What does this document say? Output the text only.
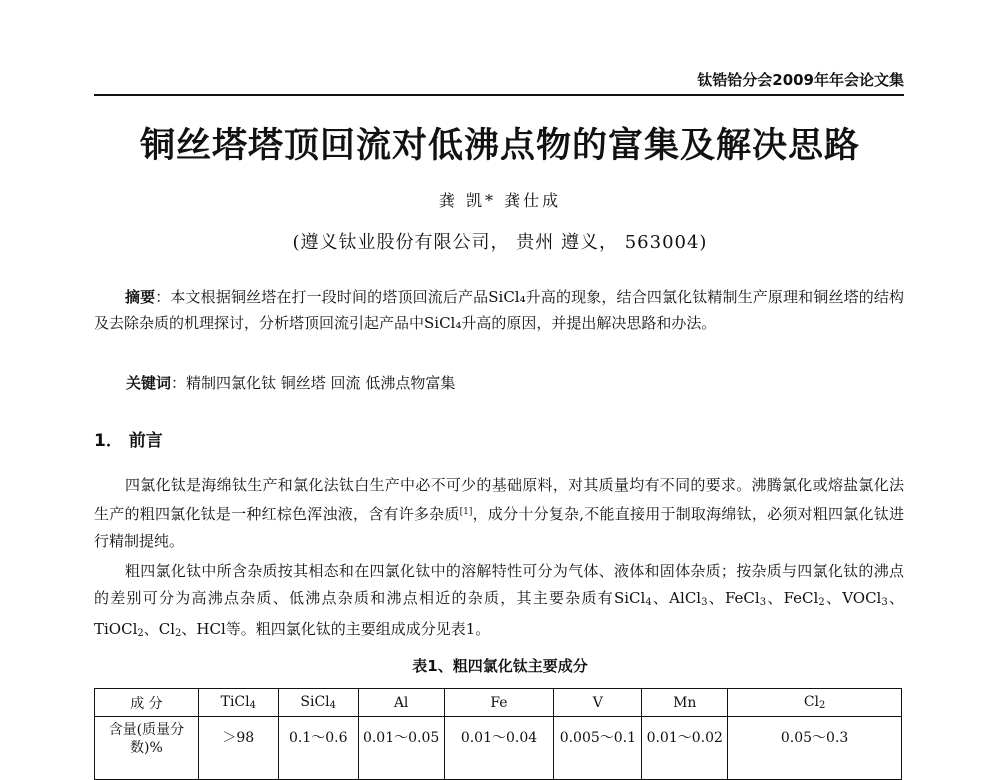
钛锆铪分会2009年年会论文集
铜丝塔塔顶回流对低沸点物的富集及解决思路
龚 凯* 龚仕成
(遵义钛业股份有限公司， 贵州 遵义， 563004)

摘要：本文根据铜丝塔在打一段时间的塔顶回流后产品SiCl₄升高的现象，结合四氯化钛精制生产原理和铜丝塔的结构及去除杂质的机理探讨，分析塔顶回流引起产品中SiCl₄升高的原因，并提出解决思路和办法。

关键词：精制四氯化钛 铜丝塔 回流 低沸点物富集

1． 前言

四氯化钛是海绵钛生产和氯化法钛白生产中必不可少的基础原料，对其质量均有不同的要求。沸腾氯化或熔盐氯化法生产的粗四氯化钛是一种红棕色浑浊液，含有许多杂质[1]，成分十分复杂,不能直接用于制取海绵钛，必须对粗四氯化钛进行精制提纯。

粗四氯化钛中所含杂质按其相态和在四氯化钛中的溶解特性可分为气体、液体和固体杂质；按杂质与四氯化钛的沸点的差别可分为高沸点杂质、低沸点杂质和沸点相近的杂质，其主要杂质有SiCl$_4$、AlCl$_3$、FeCl$_3$、FeCl$_2$、VOCl$_3$、TiOCl$_2$、$Cl_2$、HCl等。粗四氯化钛的主要组成成分见表1。

表1、粗四氯化钛主要成分
成 分	TiCl$_4$	SiCl$_4$	Al	Fe	V	Mn	$Cl_2$
含量(质量分数)%	＞98	0.1～0.6	0.01～0.05	0.01～0.04	0.005～0.1	0.01～0.02	0.05～0.3
